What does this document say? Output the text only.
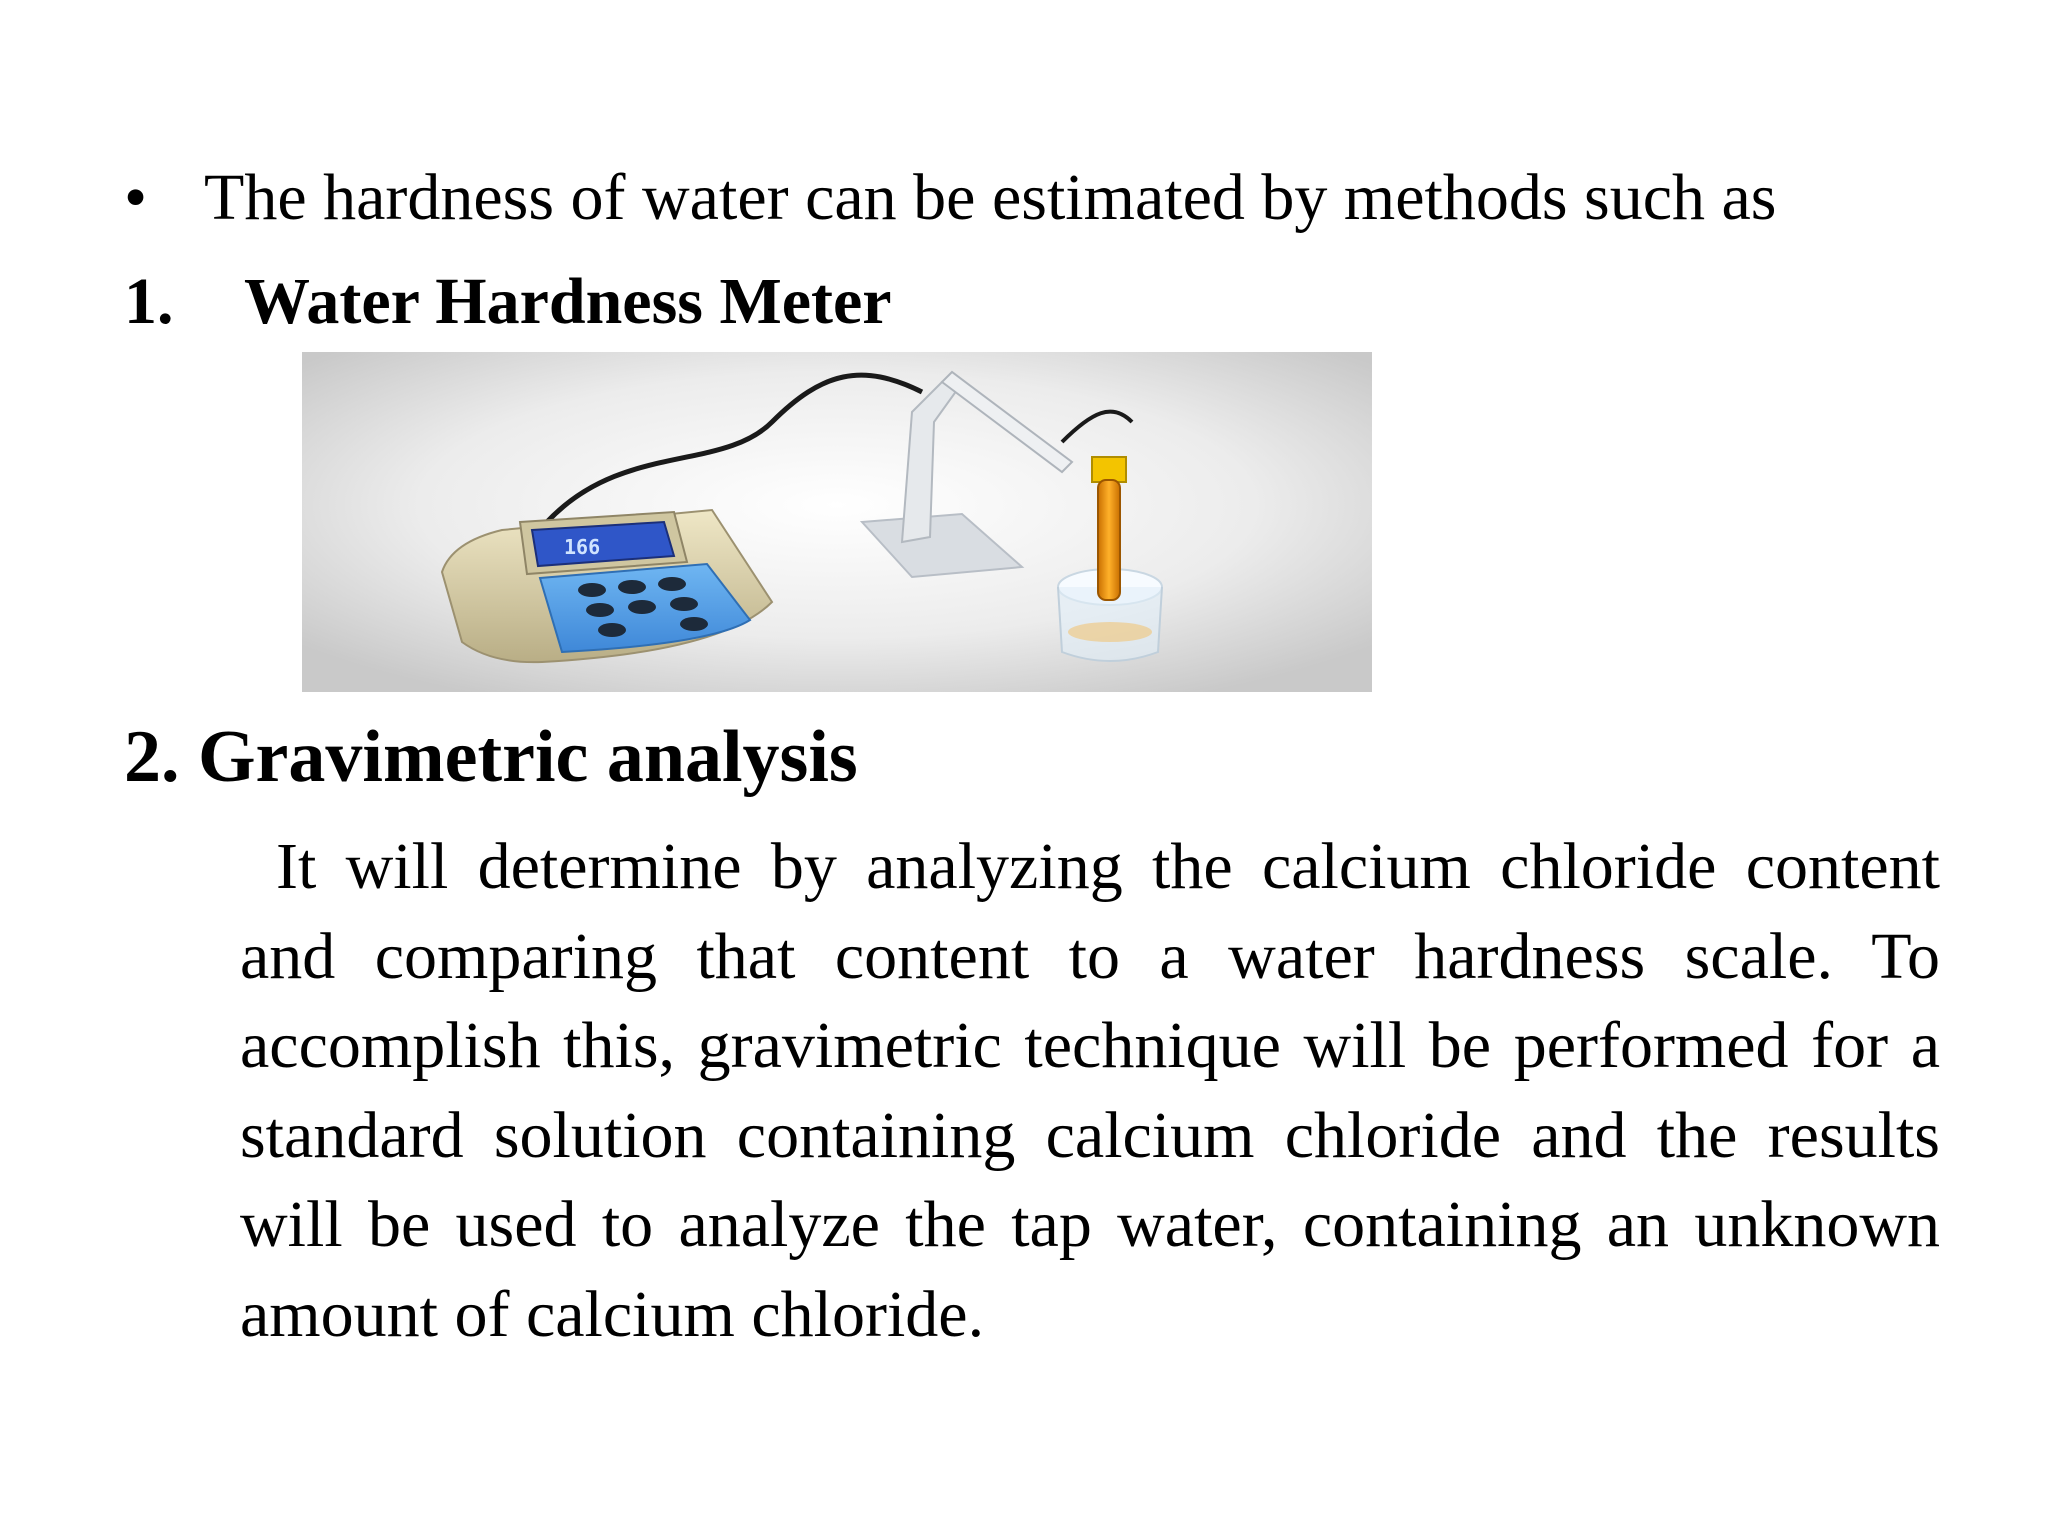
• The hardness of water can be estimated by methods such as
1. Water Hardness Meter
166
2. Gravimetric analysis
It will determine by analyzing the calcium chloride content and comparing that content to a water hardness scale. To accomplish this, gravimetric technique will be performed for a standard solution containing calcium chloride and the results will be used to analyze the tap water, containing an unknown amount of calcium chloride.
